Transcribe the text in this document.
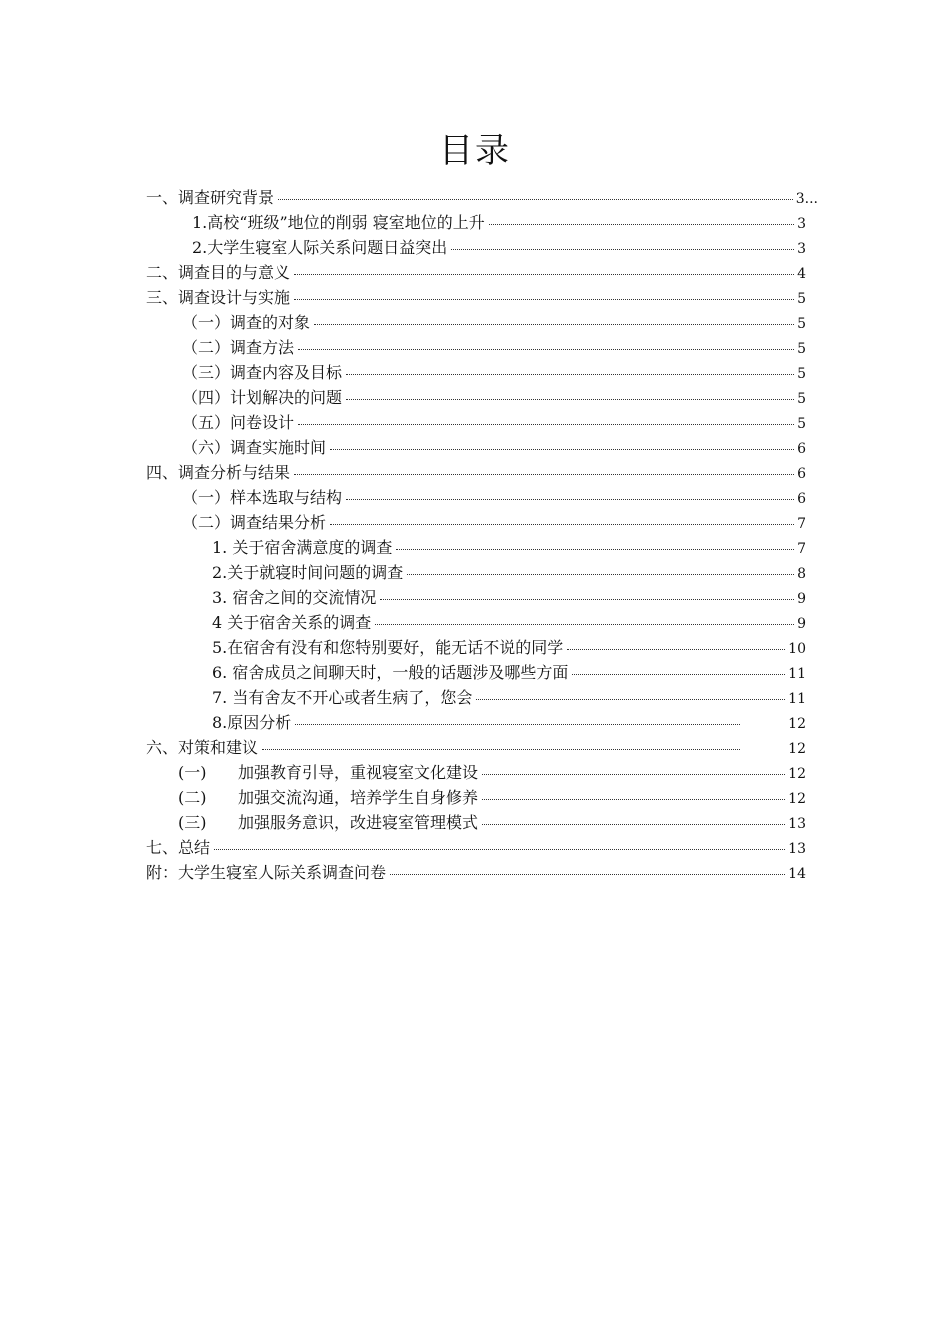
目录
一、调查研究背景	3...
1.高校“班级”地位的削弱 寝室地位的上升	3
2.大学生寝室人际关系问题日益突出	3
二、调查目的与意义	4
三、调查设计与实施	5
（一）调查的对象	5
（二）调查方法	5
（三）调查内容及目标	5
（四）计划解决的问题	5
（五）问卷设计	5
（六）调查实施时间	6
四、调查分析与结果	6
（一）样本选取与结构	6
（二）调查结果分析	7
1. 关于宿舍满意度的调查	7
2.关于就寝时间问题的调查	8
3. 宿舍之间的交流情况	9
4 关于宿舍关系的调查	9
5.在宿舍有没有和您特别要好，能无话不说的同学	10
6. 宿舍成员之间聊天时，一般的话题涉及哪些方面	11
7. 当有舍友不开心或者生病了，您会	11
8.原因分析	12
六、对策和建议	12
(一)	加强教育引导，重视寝室文化建设	12
(二)	加强交流沟通，培养学生自身修养	12
(三)	加强服务意识，改进寝室管理模式	13
七、总结	13
附：大学生寝室人际关系调查问卷	14
